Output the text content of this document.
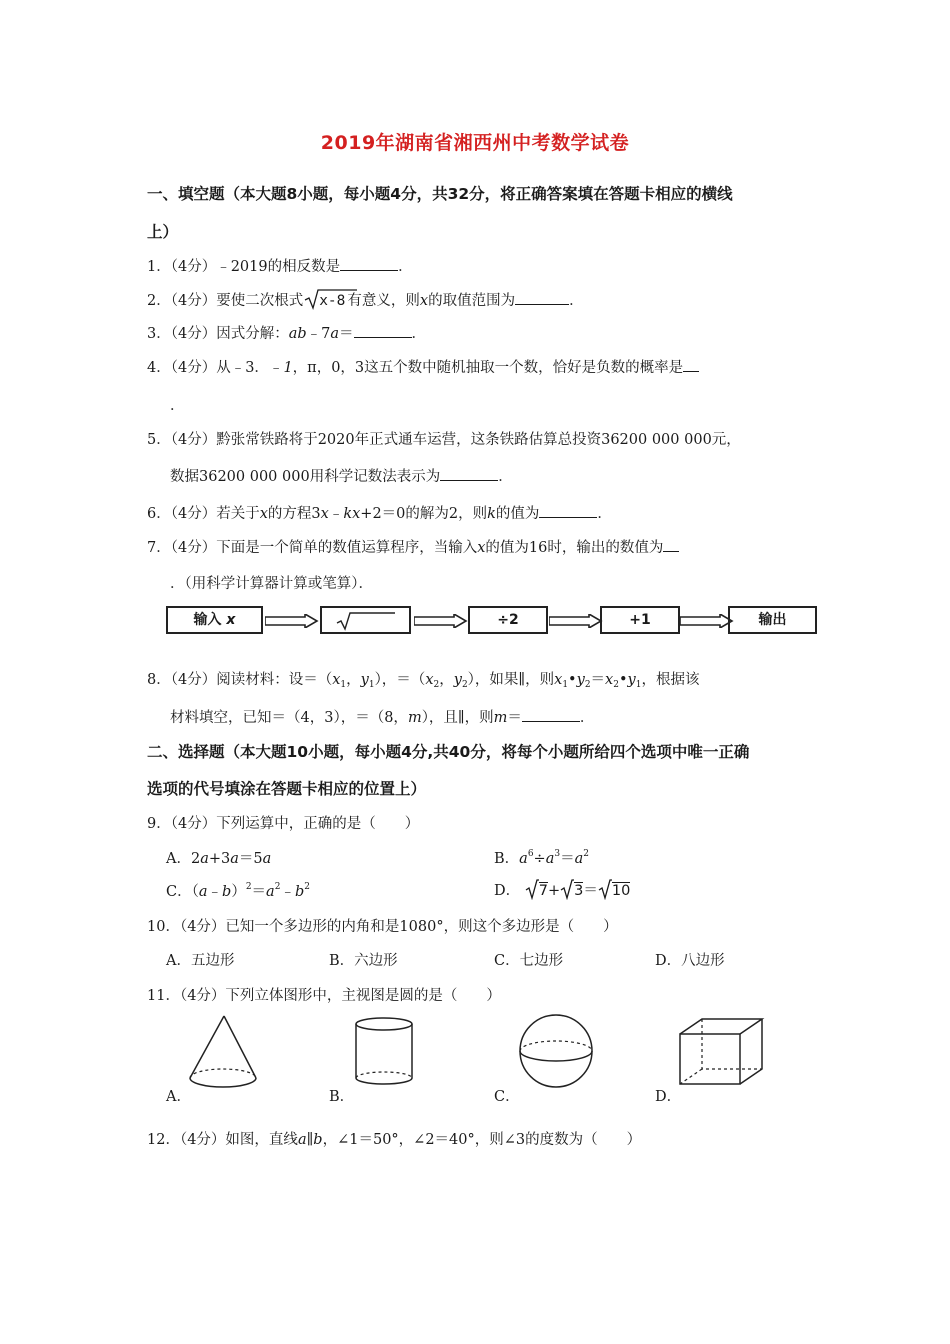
2019年湖南省湘西州中考数学试卷
一、填空题（本大题8小题，每小题4分，共32分，将正确答案填在答题卡相应的横线
上）
1．（4分）﹣2019的相反数是	．
2．（4分）要使二次根式 x-8 有意义，则x的取值范围为	．
3．（4分）因式分解：ab﹣7a＝	．
4．（4分）从﹣3．﹣1，π，0，3这五个数中随机抽取一个数，恰好是负数的概率是
．
5．（4分）黔张常铁路将于2020年正式通车运营，这条铁路估算总投资36200 000 000元，
数据36200 000 000用科学记数法表示为	．
6．（4分）若关于x的方程3x﹣kx+2＝0的解为2，则k的值为	．
7．（4分）下面是一个简单的数值运算程序，当输入x的值为16时，输出的数值为
．（用科学计算器计算或笔算）．
输入 x	÷2	+1	输出
8．（4分）阅读材料：设$=(x_1$，$y_1$），$=(x_2$，$y_2$），如果∥，则$x_1•y_2=x_2•y_1$，根据该
材料填空，已知＝（4，3），＝（8，m），且∥，则m＝	．
二、选择题（本大题10小题，每小题4分,共40分，将每个小题所给四个选项中唯一正确
选项的代号填涂在答题卡相应的位置上）
9．（4分）下列运算中，正确的是（　　）
A．2a+3a＝5a	B．$a^6\div a^3=a^2$
C．$(a﹣b)^2=a^2﹣b^2$	D． 7+ 3＝ 10
10．（4分）已知一个多边形的内角和是1080°，则这个多边形是（　　）
A．五边形	B．六边形	C．七边形	D．八边形
11．（4分）下列立体图形中，主视图是圆的是（　　）
A．	B．	C．	D．
12．（4分）如图，直线a∥b，∠1＝50°，∠2＝40°，则∠3的度数为（　　）
